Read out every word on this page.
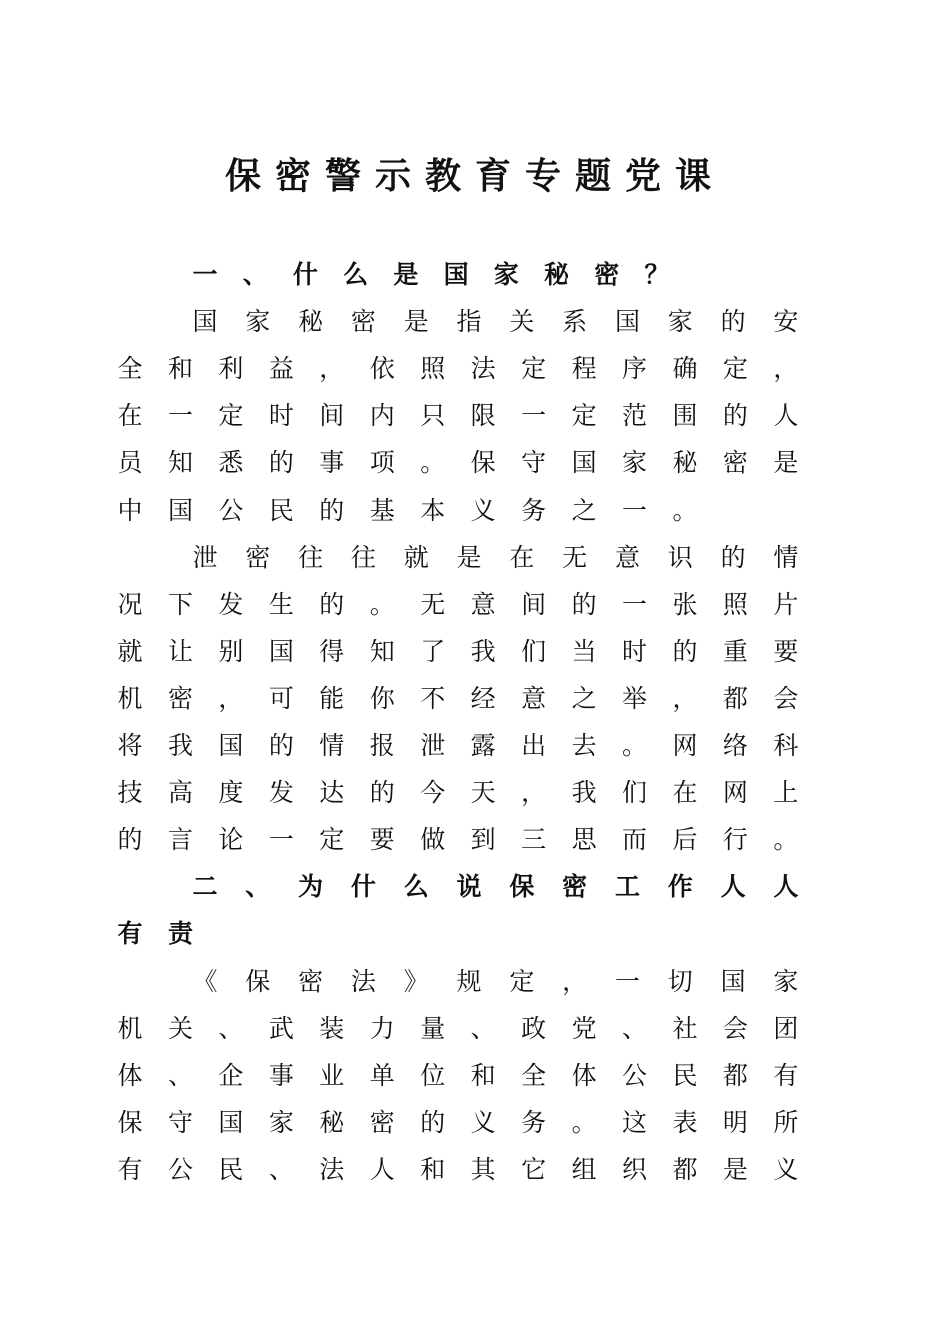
保密警示教育专题党课
一 、 什 么 是 国 家 秘 密 ？
国 家 秘 密 是 指 关 系 国 家 的 安
全 和 利 益 ， 依 照 法 定 程 序 确 定 ，
在 一 定 时 间 内 只 限 一 定 范 围 的 人
员 知 悉 的 事 项 。 保 守 国 家 秘 密 是
中 国 公 民 的 基 本 义 务 之 一 。
泄 密 往 往 就 是 在 无 意 识 的 情
况 下 发 生 的 。 无 意 间 的 一 张 照 片
就 让 别 国 得 知 了 我 们 当 时 的 重 要
机 密 ， 可 能 你 不 经 意 之 举 ， 都 会
将 我 国 的 情 报 泄 露 出 去 。 网 络 科
技 高 度 发 达 的 今 天 ， 我 们 在 网 上
的 言 论 一 定 要 做 到 三 思 而 后 行 。
二 、 为 什 么 说 保 密 工 作 人 人
有 责
《 保 密 法 》 规 定 ， 一 切 国 家
机 关 、 武 装 力 量 、 政 党 、 社 会 团
体 、 企 事 业 单 位 和 全 体 公 民 都 有
保 守 国 家 秘 密 的 义 务 。 这 表 明 所
有 公 民 、 法 人 和 其 它 组 织 都 是 义
